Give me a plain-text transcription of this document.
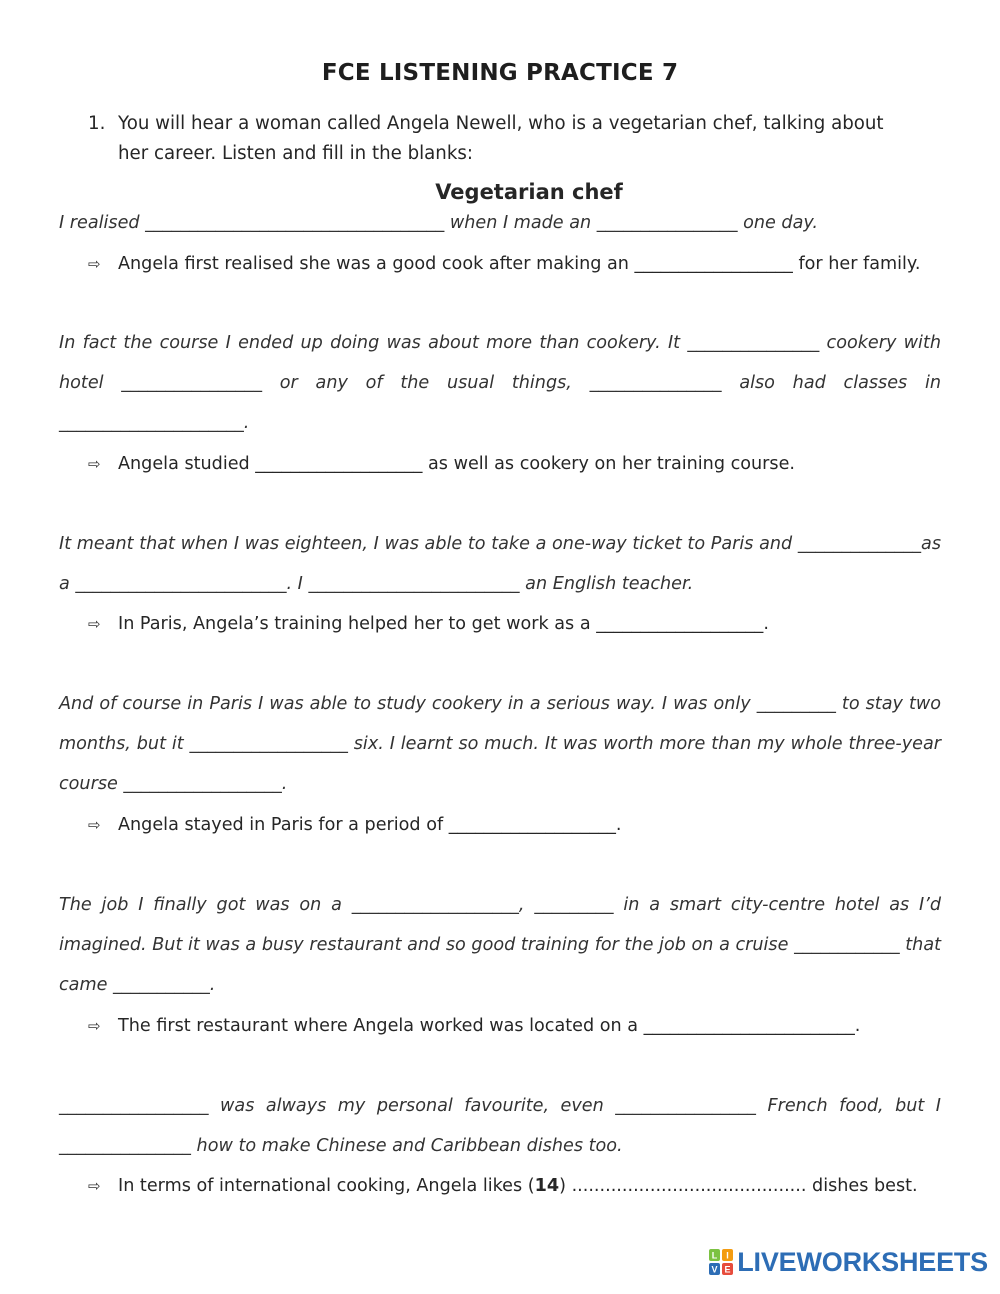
FCE LISTENING PRACTICE 7
1. You will hear a woman called Angela Newell, who is a vegetarian chef, talking about her career. Listen and fill in the blanks:
Vegetarian chef

I realised __________________________________ when I made an ________________ one day.

⇨ Angela first realised she was a good cook after making an __________________ for her family.

In fact the course I ended up doing was about more than cookery. It _______________ cookery with hotel ________________ or any of the usual things, _______________ also had classes in _____________________.

⇨ Angela studied ___________________ as well as cookery on her training course.

It meant that when I was eighteen, I was able to take a one-way ticket to Paris and ______________as a ________________________. I ________________________ an English teacher.

⇨ In Paris, Angela’s training helped her to get work as a ___________________.

And of course in Paris I was able to study cookery in a serious way. I was only _________ to stay two months, but it __________________ six. I learnt so much. It was worth more than my whole three-year course __________________.

⇨ Angela stayed in Paris for a period of ___________________.

The job I finally got was on a ___________________, _________ in a smart city-centre hotel as I’d imagined. But it was a busy restaurant and so good training for the job on a cruise ____________ that came ___________.

⇨ The first restaurant where Angela worked was located on a ________________________.

_________________ was always my personal favourite, even ________________ French food, but I _______________ how to make Chinese and Caribbean dishes too.

⇨ In terms of international cooking, Angela likes (14) .......................................... dishes best.
L I
V E LIVEWORKSHEETS
